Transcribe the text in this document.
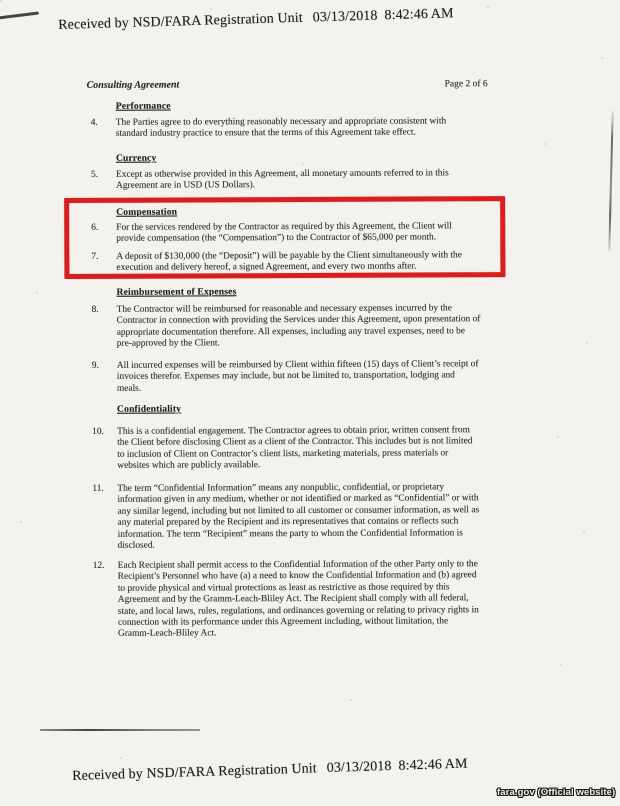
Received by NSD/FARA Registration Unit 03/13/2018 8:42:46 AM
Consulting Agreement	Page 2 of 6
Performance
4. The Parties agree to do everything reasonably necessary and appropriate consistent with standard industry practice to ensure that the terms of this Agreement take effect.

Currency
5. Except as otherwise provided in this Agreement, all monetary amounts referred to in this Agreement are in USD (US Dollars).

Compensation
6. For the services rendered by the Contractor as required by this Agreement, the Client will provide compensation (the “Compensation”) to the Contractor of $65,000 per month.

7. A deposit of $130,000 (the “Deposit”) will be payable by the Client simultaneously with the execution and delivery hereof, a signed Agreement, and every two months after.

Reimbursement of Expenses
8. The Contractor will be reimbursed for reasonable and necessary expenses incurred by the Contractor in connection with providing the Services under this Agreement, upon presentation of appropriate documentation therefore. All expenses, including any travel expenses, need to be pre-approved by the Client.

9. All incurred expenses will be reimbursed by Client within fifteen (15) days of Client’s receipt of invoices therefor. Expenses may include, but not be limited to, transportation, lodging and meals.

Confidentiality
10. This is a confidential engagement. The Contractor agrees to obtain prior, written consent from the Client before disclosing Client as a client of the Contractor. This includes but is not limited to inclusion of Client on Contractor’s client lists, marketing materials, press materials or websites which are publicly available.

11. The term “Confidential Information” means any nonpublic, confidential, or proprietary information given in any medium, whether or not identified or marked as “Confidential” or with any similar legend, including but not limited to all customer or consumer information, as well as any material prepared by the Recipient and its representatives that contains or reflects such information. The term “Recipient” means the party to whom the Confidential Information is disclosed.

12. Each Recipient shall permit access to the Confidential Information of the other Party only to the Recipient’s Personnel who have (a) a need to know the Confidential Information and (b) agreed to provide physical and virtual protections as least as restrictive as those required by this Agreement and by the Gramm-Leach-Bliley Act. The Recipient shall comply with all federal, state, and local laws, rules, regulations, and ordinances governing or relating to privacy rights in connection with its performance under this Agreement including, without limitation, the Gramm-Leach-Bliley Act.

Received by NSD/FARA Registration Unit 03/13/2018 8:42:46 AM
fara.gov (Official website)
